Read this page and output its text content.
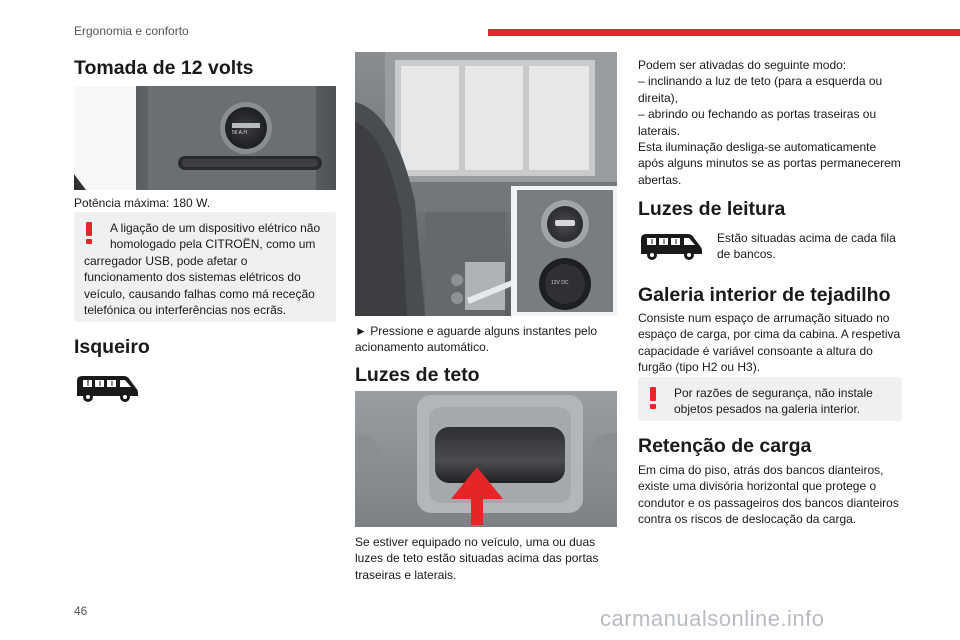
Ergonomia e conforto
Tomada de 12 volts
56 A.H

Potência máxima: 180 W.

A ligação de um dispositivo elétrico não homologado pela CITROËN, como um carregador USB, pode afetar o funcionamento dos sistemas elétricos do veículo, causando falhas como má receção telefónica ou interferências nos ecrãs.
Isqueiro
12V DC

► Pressione e aguarde alguns instantes pelo acionamento automático.

Luzes de teto

Se estiver equipado no veículo, uma ou duas luzes de teto estão situadas acima das portas traseiras e laterais.

Podem ser ativadas do seguinte modo:
– inclinando a luz de teto (para a esquerda ou direita),
– abrindo ou fechando as portas traseiras ou laterais.
Esta iluminação desliga-se automaticamente após alguns minutos se as portas permanecerem abertas.
Luzes de leitura

Estão situadas acima de cada fila de bancos.

Galeria interior de tejadilho

Consiste num espaço de arrumação situado no espaço de carga, por cima da cabina. A respetiva capacidade é variável consoante a altura do furgão (tipo H2 ou H3).

Por razões de segurança, não instale objetos pesados na galeria interior.
Retenção de carga

Em cima do piso, atrás dos bancos dianteiros, existe uma divisória horizontal que protege o condutor e os passageiros dos bancos dianteiros contra os riscos de deslocação da carga.

46	carmanualsonline.info
